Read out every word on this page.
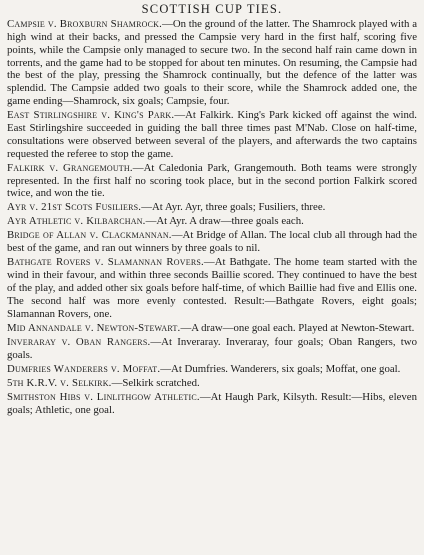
SCOTTISH CUP TIES.

Campsie v. Broxburn Shamrock.—On the ground of the latter. The Shamrock played with a high wind at their backs, and pressed the Campsie very hard in the first half, scoring five points, while the Campsie only managed to secure two. In the second half rain came down in torrents, and the game had to be stopped for about ten minutes. On resuming, the Campsie had the best of the play, pressing the Shamrock continually, but the defence of the latter was splendid. The Campsie added two goals to their score, while the Shamrock added one, the game ending—Shamrock, six goals; Campsie, four.

East Stirlingshire v. King's Park.—At Falkirk. King's Park kicked off against the wind. East Stirlingshire succeeded in guiding the ball three times past M'Nab. Close on half-time, consultations were observed between several of the players, and afterwards the two captains requested the referee to stop the game.

Falkirk v. Grangemouth.—At Caledonia Park, Grangemouth. Both teams were strongly represented. In the first half no scoring took place, but in the second portion Falkirk scored twice, and won the tie.

Ayr v. 21st Scots Fusiliers.—At Ayr. Ayr, three goals; Fusiliers, three.

Ayr Athletic v. Kilbarchan.—At Ayr. A draw—three goals each.

Bridge of Allan v. Clackmannan.—At Bridge of Allan. The local club all through had the best of the game, and ran out winners by three goals to nil.

Bathgate Rovers v. Slamannan Rovers.—At Bathgate. The home team started with the wind in their favour, and within three seconds Baillie scored. They continued to have the best of the play, and added other six goals before half-time, of which Baillie had five and Ellis one. The second half was more evenly contested. Result:—Bathgate Rovers, eight goals; Slamannan Rovers, one.

Mid Annandale v. Newton-Stewart.—A draw—one goal each. Played at Newton-Stewart.

Inveraray v. Oban Rangers.—At Inveraray. Inveraray, four goals; Oban Rangers, two goals.

Dumfries Wanderers v. Moffat.—At Dumfries. Wanderers, six goals; Moffat, one goal.

5th K.R.V. v. Selkirk.—Selkirk scratched.

Smithston Hibs v. Linlithgow Athletic.—At Haugh Park, Kilsyth. Result:—Hibs, eleven goals; Athletic, one goal.
